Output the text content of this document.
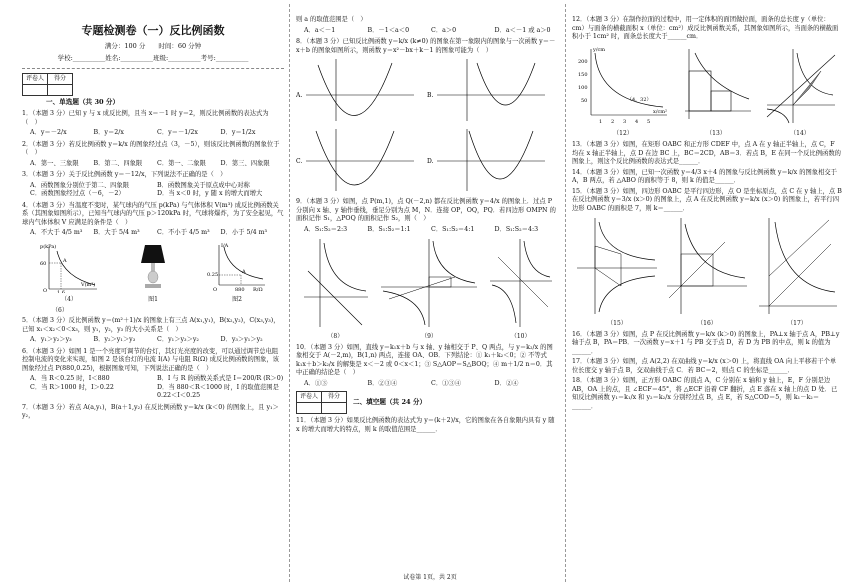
专题检测卷（一）反比例函数
满分：100 分　　时间：60 分钟
学校:__________姓名:__________班级:__________考号:__________
评卷人	得分

一、单选题（共 30 分）
1．（本题 3 分）已知 y 与 x 成反比例，且当 x＝－1 时 y＝2，则反比例函数的表达式为（　）
A．y＝－2/x	B．y＝2/x	C．y＝－1/2x	D．y＝1/2x
2．（本题 3 分）若反比例函数 y＝k/x 的图象经过点（3，－5），则该反比例函数的图象位于（　）
A．第一、三象限	B．第二、四象限	C．第一、二象限	D．第三、四象限
3．（本题 3 分）关于反比例函数 y＝－12/x，下列说法不正确的是（　）
A．函数图象分别位于第二、四象限	B．函数图象关于原点成中心对称
C．函数图象经过点（－6，－2）	D．当 x＜0 时，y 随 x 的增大而增大
4．（本题 3 分）当温度不变时，某气球内的气压 p(kPa) 与气体体积 V(m³) 成反比例函数关系（其图象如图所示），已知当气球内的气压 p＞120kPa 时，气球将爆炸，为了安全起见，气球内气体体积 V 应满足的条件是（　）
A．不大于 4/5 m³	B．大于 5/4 m³	C．不小于 4/5 m³	D．小于 5/4 m³
p(kPa)
60	A
O 1.6
V(m³)
（4）	图1
I/A
0.25	A
O	880 R/Ω
图2
（6）
5．（本题 3 分）反比例函数 y＝(m²＋1)/x 的图象上有三点 A(x₁,y₁)，B(x₂,y₂)，C(x₃,y₃)，已知 x₁＜x₂＜0＜x₃，则 y₁，y₂，y₃ 的大小关系是（　）
A．y₁＞y₂＞y₃	B．y₂＞y₁＞y₃	C．y₁＞y₃＞y₂	D．y₃＞y₁＞y₂
6．（本题 3 分）如图 1 是一个亮度可调节的台灯，其灯光亮度的改变，可以通过调节总电阻控制电流的变化来实现，如图 2 是该台灯的电流 I(A) 与电阻 R(Ω) 成反比例函数的图象，该图象经过点 P(880,0.25)，根据图象可知，下列说法正确的是（　）
A．当 R＜0.25 时，I＜880	B．I 与 R 的函数关系式是 I＝200/R (R＞0)
C．当 R＞1000 时，I＞0.22	D．当 880＜R＜1000 时，I 的取值范围是 0.22＜I＜0.25
7．（本题 3 分）若点 A(a,y₁)，B(a＋1,y₂) 在反比例函数 y＝k/x (k＜0) 的图象上，且 y₁＞y₂，
则 a 的取值范围是（　）
A．a＜－1	B．－1＜a＜0	C．a＞0	D．a＜－1 或 a＞0
8．（本题 3 分）已知反比例函数 y＝k/x (k≠0) 的图象在第一象限内的图象与一次函数 y＝－x＋b 的图象如图所示，则函数 y＝x²－bx＋k－1 的图象可能为（　）
A.	B.
C.	D.
9．（本题 3 分）如图，点 P(m,1)，点 Q(－2,n) 都在反比例函数 y＝4/x 的图象上．过点 P 分别向 x 轴、y 轴作垂线，垂足分别为点 M，N．连接 OP，OQ，PQ．若四边形 OMPN 的面积记作 S₁，△POQ 的面积记作 S₂，则（　）
A．S₁:S₂＝2:3	B．S₁:S₂＝1:1	C．S₁:S₂＝4:1	D．S₁:S₂＝4:3
（8）	（9）	（10）
10．（本题 3 分）如图，直线 y＝k₁x＋b 与 x 轴、y 轴相交于 P、Q 两点，与 y＝k₂/x 的图象相交于 A(－2,m)，B(1,n) 两点，连接 OA、OB．下列结论：① k₁＋k₂＜0；② 不等式 k₁x＋b＞k₂/x 的解集是 x＜－2 或 0＜x＜1；③ S△AOP＝S△BOQ；④ m＋1/2 n＝0．其中正确的结论是（　）
A．①③	B．②③④	C．①③④	D．②④
评卷人	得分

二、填空题（共 24 分）
11．（本题 3 分）如果反比例函数的表达式为 y＝(k＋2)/x，它的图象在各自象限内具有 y 随 x 的增大而增大的特点，则 k 的取值范围是______．
12．（本题 3 分）在制作拉面的过程中，用一定体积的面团做拉面，面条的总长度 y（单位：cm）与面条的横截面积 x（单位：cm²）成反比例函数关系，其图象如图所示，当面条的横截面积小于 1cm² 时，面条总长度大于______cm．
y/cm
200
150
100
50	（4，32）
1 2 3 4 5
x/cm²
（12）	（13）	（14）
13．（本题 3 分）如图，在矩形 OABC 和正方形 CDEF 中，点 A 在 y 轴正半轴上，点 C，F 均在 x 轴正半轴上，点 D 在边 BC 上，BC＝2CD，AB＝3．若点 B，E 在同一个反比例函数的图象上，则这个反比例函数的表达式是______．
14．（本题 3 分）如图，已知一次函数 y＝4/3 x＋4 的图象与反比例函数 y＝k/x 的图象相交于 A，B 两点，若 △ABO 的面积等于 8，则 k 的值是______．
15．（本题 3 分）如图，四边形 OABC 是平行四边形，点 O 是坐标原点，点 C 在 y 轴上，点 B 在反比例函数 y＝3/x (x＞0) 的图象上，点 A 在反比例函数 y＝k/x (x＞0) 的图象上，若平行四边形 OABC 的面积是 7，则 k＝______．
（15）	（16）	（17）
16．（本题 3 分）如图，点 P 在反比例函数 y＝k/x (k＞0) 的图象上，PA⊥x 轴于点 A，PB⊥y 轴于点 B，PA＝PB．一次函数 y＝x＋1 与 PB 交于点 D，若 D 为 PB 的中点，则 k 的值为______．
17．（本题 3 分）如图，点 A(2,2) 在双曲线 y＝k/x (x＞0) 上，将直线 OA 向上平移若干个单位长度交 y 轴于点 B，交双曲线于点 C．若 BC＝2，则点 C 的坐标是______．
18．（本题 3 分）如图，正方形 OABC 的顶点 A，C 分别在 x 轴和 y 轴上，E，F 分别是边 AB，OA 上的点，且 ∠ECF＝45°，将 △ECF 沿着 CF 翻折，点 E 落在 x 轴上的点 D 处．已知反比例函数 y₁＝k₁/x 和 y₂＝k₂/x 分别经过点 B，点 E，若 S△COD＝5，则 k₁－k₂＝______．
试卷第 1页，共 2页
